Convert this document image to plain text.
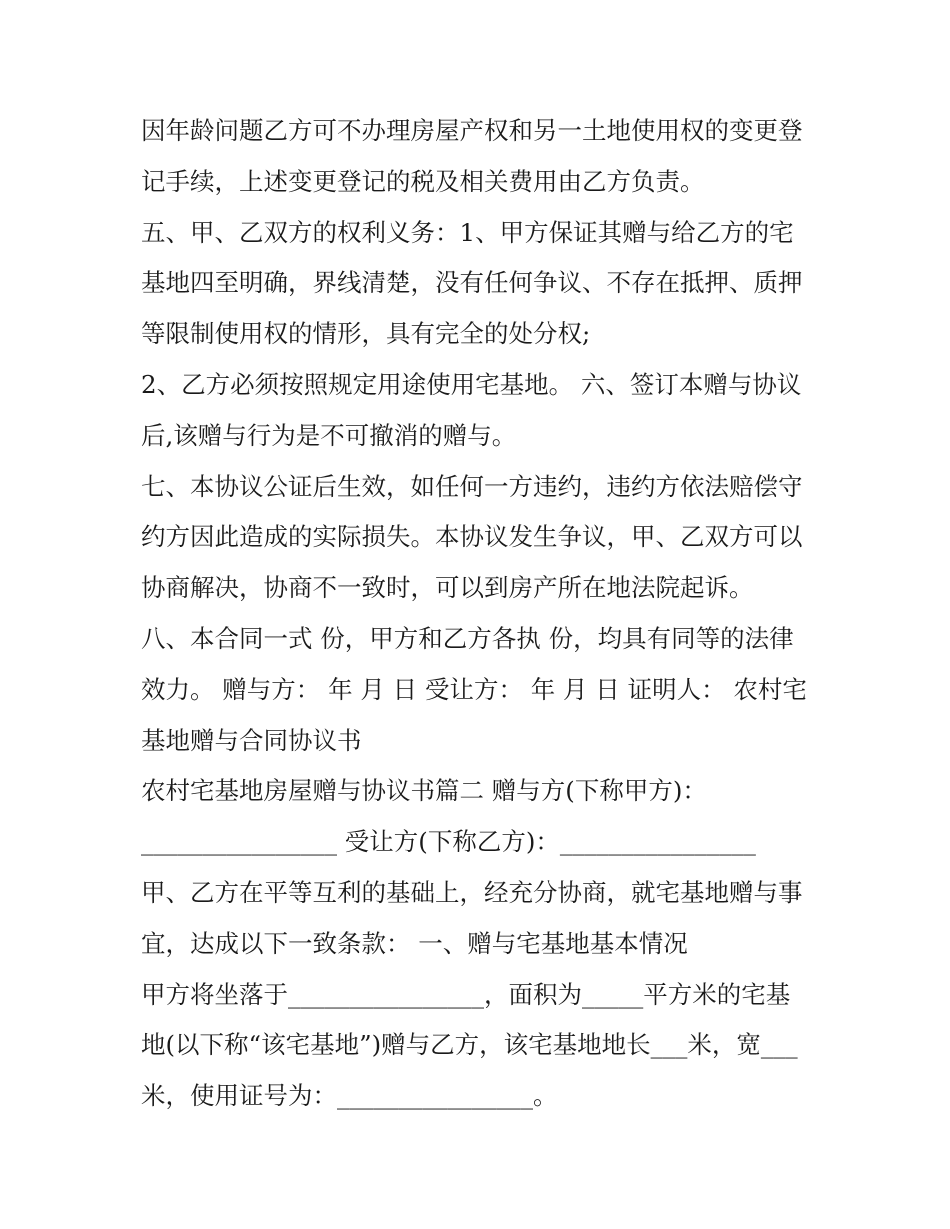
因年龄问题乙方可不办理房屋产权和另一土地使用权的变更登
记手续，上述变更登记的税及相关费用由乙方负责。
五、甲、乙双方的权利义务：1、甲方保证其赠与给乙方的宅
基地四至明确，界线清楚，没有任何争议、不存在抵押、质押
等限制使用权的情形，具有完全的处分权;
2、乙方必须按照规定用途使用宅基地。 六、签订本赠与协议
后,该赠与行为是不可撤消的赠与。
七、本协议公证后生效，如任何一方违约，违约方依法赔偿守
约方因此造成的实际损失。本协议发生争议，甲、乙双方可以
协商解决，协商不一致时，可以到房产所在地法院起诉。
八、本合同一式 份，甲方和乙方各执 份，均具有同等的法律
效力。 赠与方： 年 月 日 受让方： 年 月 日 证明人： 农村宅
基地赠与合同协议书
农村宅基地房屋赠与协议书篇二 赠与方(下称甲方)：
________________ 受让方(下称乙方)：________________
甲、乙方在平等互利的基础上，经充分协商，就宅基地赠与事
宜，达成以下一致条款： 一、赠与宅基地基本情况
甲方将坐落于________________，面积为_____平方米的宅基
地(以下称“该宅基地”)赠与乙方，该宅基地地长___米，宽___
米，使用证号为：________________。
